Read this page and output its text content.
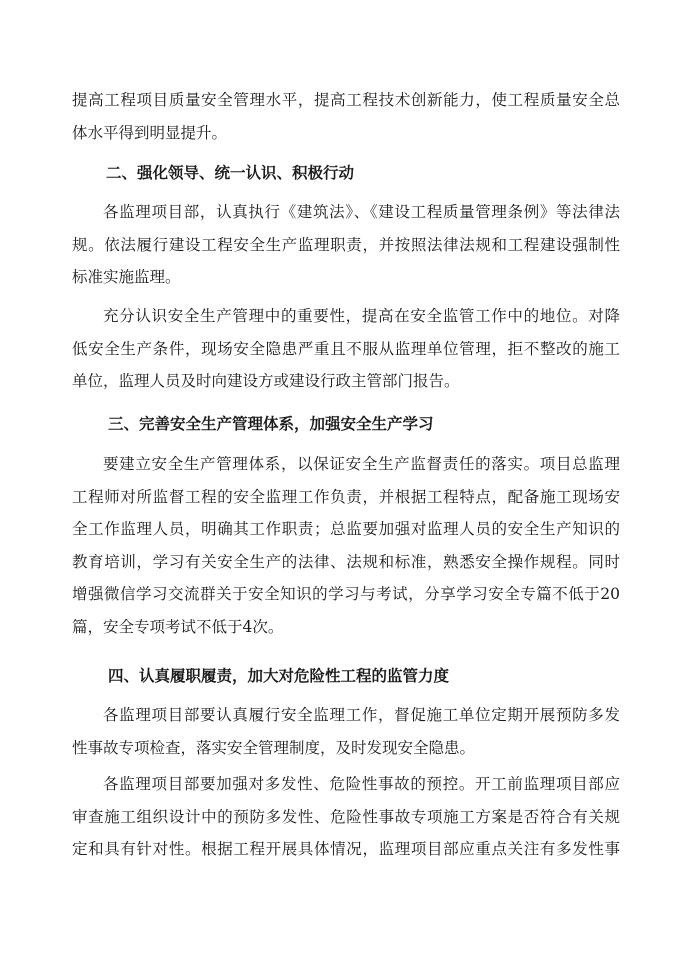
提高工程项目质量安全管理水平，提高工程技术创新能力，使工程质量安全总
体水平得到明显提升。

二、强化领导、统一认识、积极行动

各监理项目部，认真执行《建筑法》、《建设工程质量管理条例》等法律法
规。依法履行建设工程安全生产监理职责，并按照法律法规和工程建设强制性
标准实施监理。

充分认识安全生产管理中的重要性，提高在安全监管工作中的地位。对降
低安全生产条件，现场安全隐患严重且不服从监理单位管理，拒不整改的施工
单位，监理人员及时向建设方或建设行政主管部门报告。

三、完善安全生产管理体系，加强安全生产学习

要建立安全生产管理体系，以保证安全生产监督责任的落实。项目总监理
工程师对所监督工程的安全监理工作负责，并根据工程特点，配备施工现场安
全工作监理人员，明确其工作职责；总监要加强对监理人员的安全生产知识的
教育培训，学习有关安全生产的法律、法规和标准，熟悉安全操作规程。同时
增强微信学习交流群关于安全知识的学习与考试，分享学习安全专篇不低于20
篇，安全专项考试不低于4次。

四、认真履职履责，加大对危险性工程的监管力度

各监理项目部要认真履行安全监理工作，督促施工单位定期开展预防多发
性事故专项检查，落实安全管理制度，及时发现安全隐患。

各监理项目部要加强对多发性、危险性事故的预控。开工前监理项目部应
审查施工组织设计中的预防多发性、危险性事故专项施工方案是否符合有关规
定和具有针对性。根据工程开展具体情况，监理项目部应重点关注有多发性事
